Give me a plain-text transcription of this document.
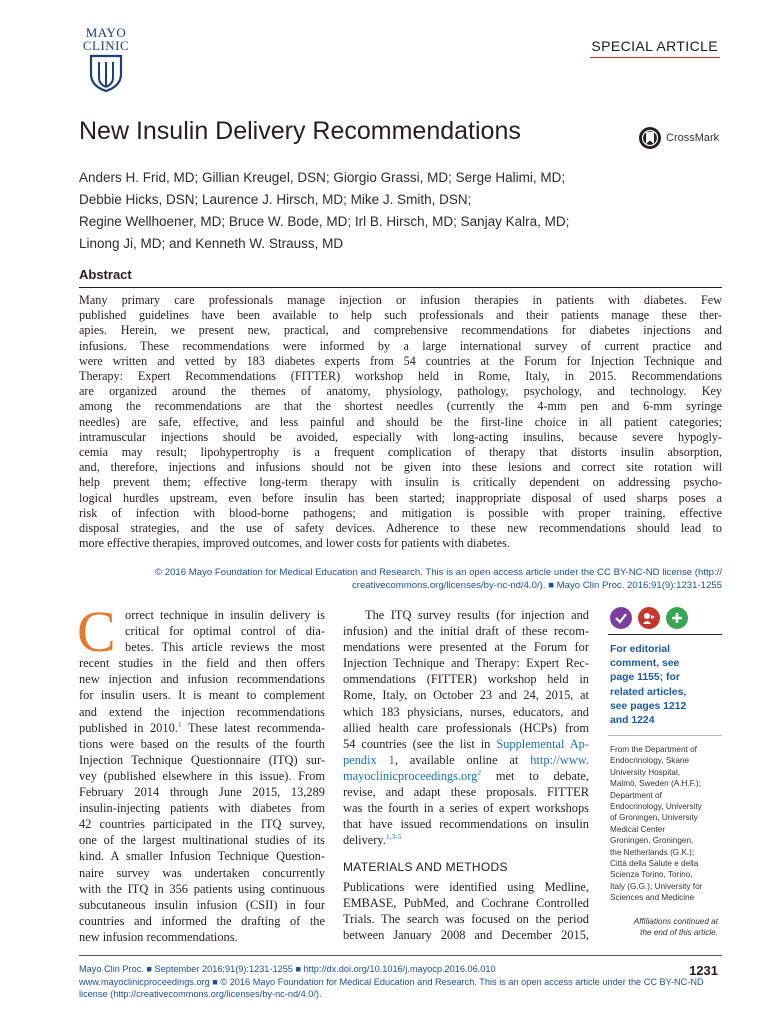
MAYO
CLINIC	SPECIAL ARTICLE
New Insulin Delivery Recommendations	CrossMark
Anders H. Frid, MD; Gillian Kreugel, DSN; Giorgio Grassi, MD; Serge Halimi, MD;
Debbie Hicks, DSN; Laurence J. Hirsch, MD; Mike J. Smith, DSN;
Regine Wellhoener, MD; Bruce W. Bode, MD; Irl B. Hirsch, MD; Sanjay Kalra, MD;
Linong Ji, MD; and Kenneth W. Strauss, MD
Abstract
Many primary care professionals manage injection or infusion therapies in patients with diabetes. Few
published guidelines have been available to help such professionals and their patients manage these ther-
apies. Herein, we present new, practical, and comprehensive recommendations for diabetes injections and
infusions. These recommendations were informed by a large international survey of current practice and
were written and vetted by 183 diabetes experts from 54 countries at the Forum for Injection Technique and
Therapy: Expert Recommendations (FITTER) workshop held in Rome, Italy, in 2015. Recommendations
are organized around the themes of anatomy, physiology, pathology, psychology, and technology. Key
among the recommendations are that the shortest needles (currently the 4-mm pen and 6-mm syringe
needles) are safe, effective, and less painful and should be the first-line choice in all patient categories;
intramuscular injections should be avoided, especially with long-acting insulins, because severe hypogly-
cemia may result; lipohypertrophy is a frequent complication of therapy that distorts insulin absorption,
and, therefore, injections and infusions should not be given into these lesions and correct site rotation will
help prevent them; effective long-term therapy with insulin is critically dependent on addressing psycho-
logical hurdles upstream, even before insulin has been started; inappropriate disposal of used sharps poses a
risk of infection with blood-borne pathogens; and mitigation is possible with proper training, effective
disposal strategies, and the use of safety devices. Adherence to these new recommendations should lead to
more effective therapies, improved outcomes, and lower costs for patients with diabetes.
© 2016 Mayo Foundation for Medical Education and Research. This is an open access article under the CC BY-NC-ND license (http://
creativecommons.org/licenses/by-nc-nd/4.0/). ■ Mayo Clin Proc. 2016;91(9):1231-1255
C orrect technique in insulin delivery is
critical for optimal control of dia-
betes. This article reviews the most
recent studies in the field and then offers
new injection and infusion recommendations
for insulin users. It is meant to complement
and extend the injection recommendations
published in 2010.$^1$ These latest recommenda-
tions were based on the results of the fourth
Injection Technique Questionnaire (ITQ) sur-
vey (published elsewhere in this issue). From
February 2014 through June 2015, 13,289
insulin-injecting patients with diabetes from
42 countries participated in the ITQ survey,
one of the largest multinational studies of its
kind. A smaller Infusion Technique Question-
naire survey was undertaken concurrently
with the ITQ in 356 patients using continuous
subcutaneous insulin infusion (CSII) in four
countries and informed the drafting of the
new infusion recommendations.
The ITQ survey results (for injection and
infusion) and the initial draft of these recom-
mendations were presented at the Forum for
Injection Technique and Therapy: Expert Rec-
ommendations (FITTER) workshop held in
Rome, Italy, on October 23 and 24, 2015, at
which 183 physicians, nurses, educators, and
allied health care professionals (HCPs) from
54 countries (see the list in Supplemental Ap-
pendix 1, available online at http://www.
mayoclinicproceedings.org$^2$ met to debate,
revise, and adapt these proposals. FITTER
was the fourth in a series of expert workshops
that have issued recommendations on insulin
delivery.$^{1,3-5}$
MATERIALS AND METHODS
Publications were identified using Medline,
EMBASE, PubMed, and Cochrane Controlled
Trials. The search was focused on the period
between January 2008 and December 2015,
For editorial
comment, see
page 1155; for
related articles,
see pages 1212
and 1224
From the Department of
Endocrinology, Skane
University Hospital,
Malmö, Sweden (A.H.F.);
Department of
Endocrinology, University
of Groningen, University
Medical Center
Groningen, Groningen,
the Netherlands (G.K.);
Città della Salute e della
Scienza Torino, Torino,
Italy (G.G.); University for
Sciences and Medicine
Affiliations continued at
the end of this article.
Mayo Clin Proc. ■ September 2016;91(9):1231-1255 ■ http://dx.doi.org/10.1016/j.mayocp.2016.06.010
www.mayoclinicproceedings.org ■ © 2016 Mayo Foundation for Medical Education and Research. This is an open access article under the CC BY-NC-ND
license (http://creativecommons.org/licenses/by-nc-nd/4.0/).
1231
